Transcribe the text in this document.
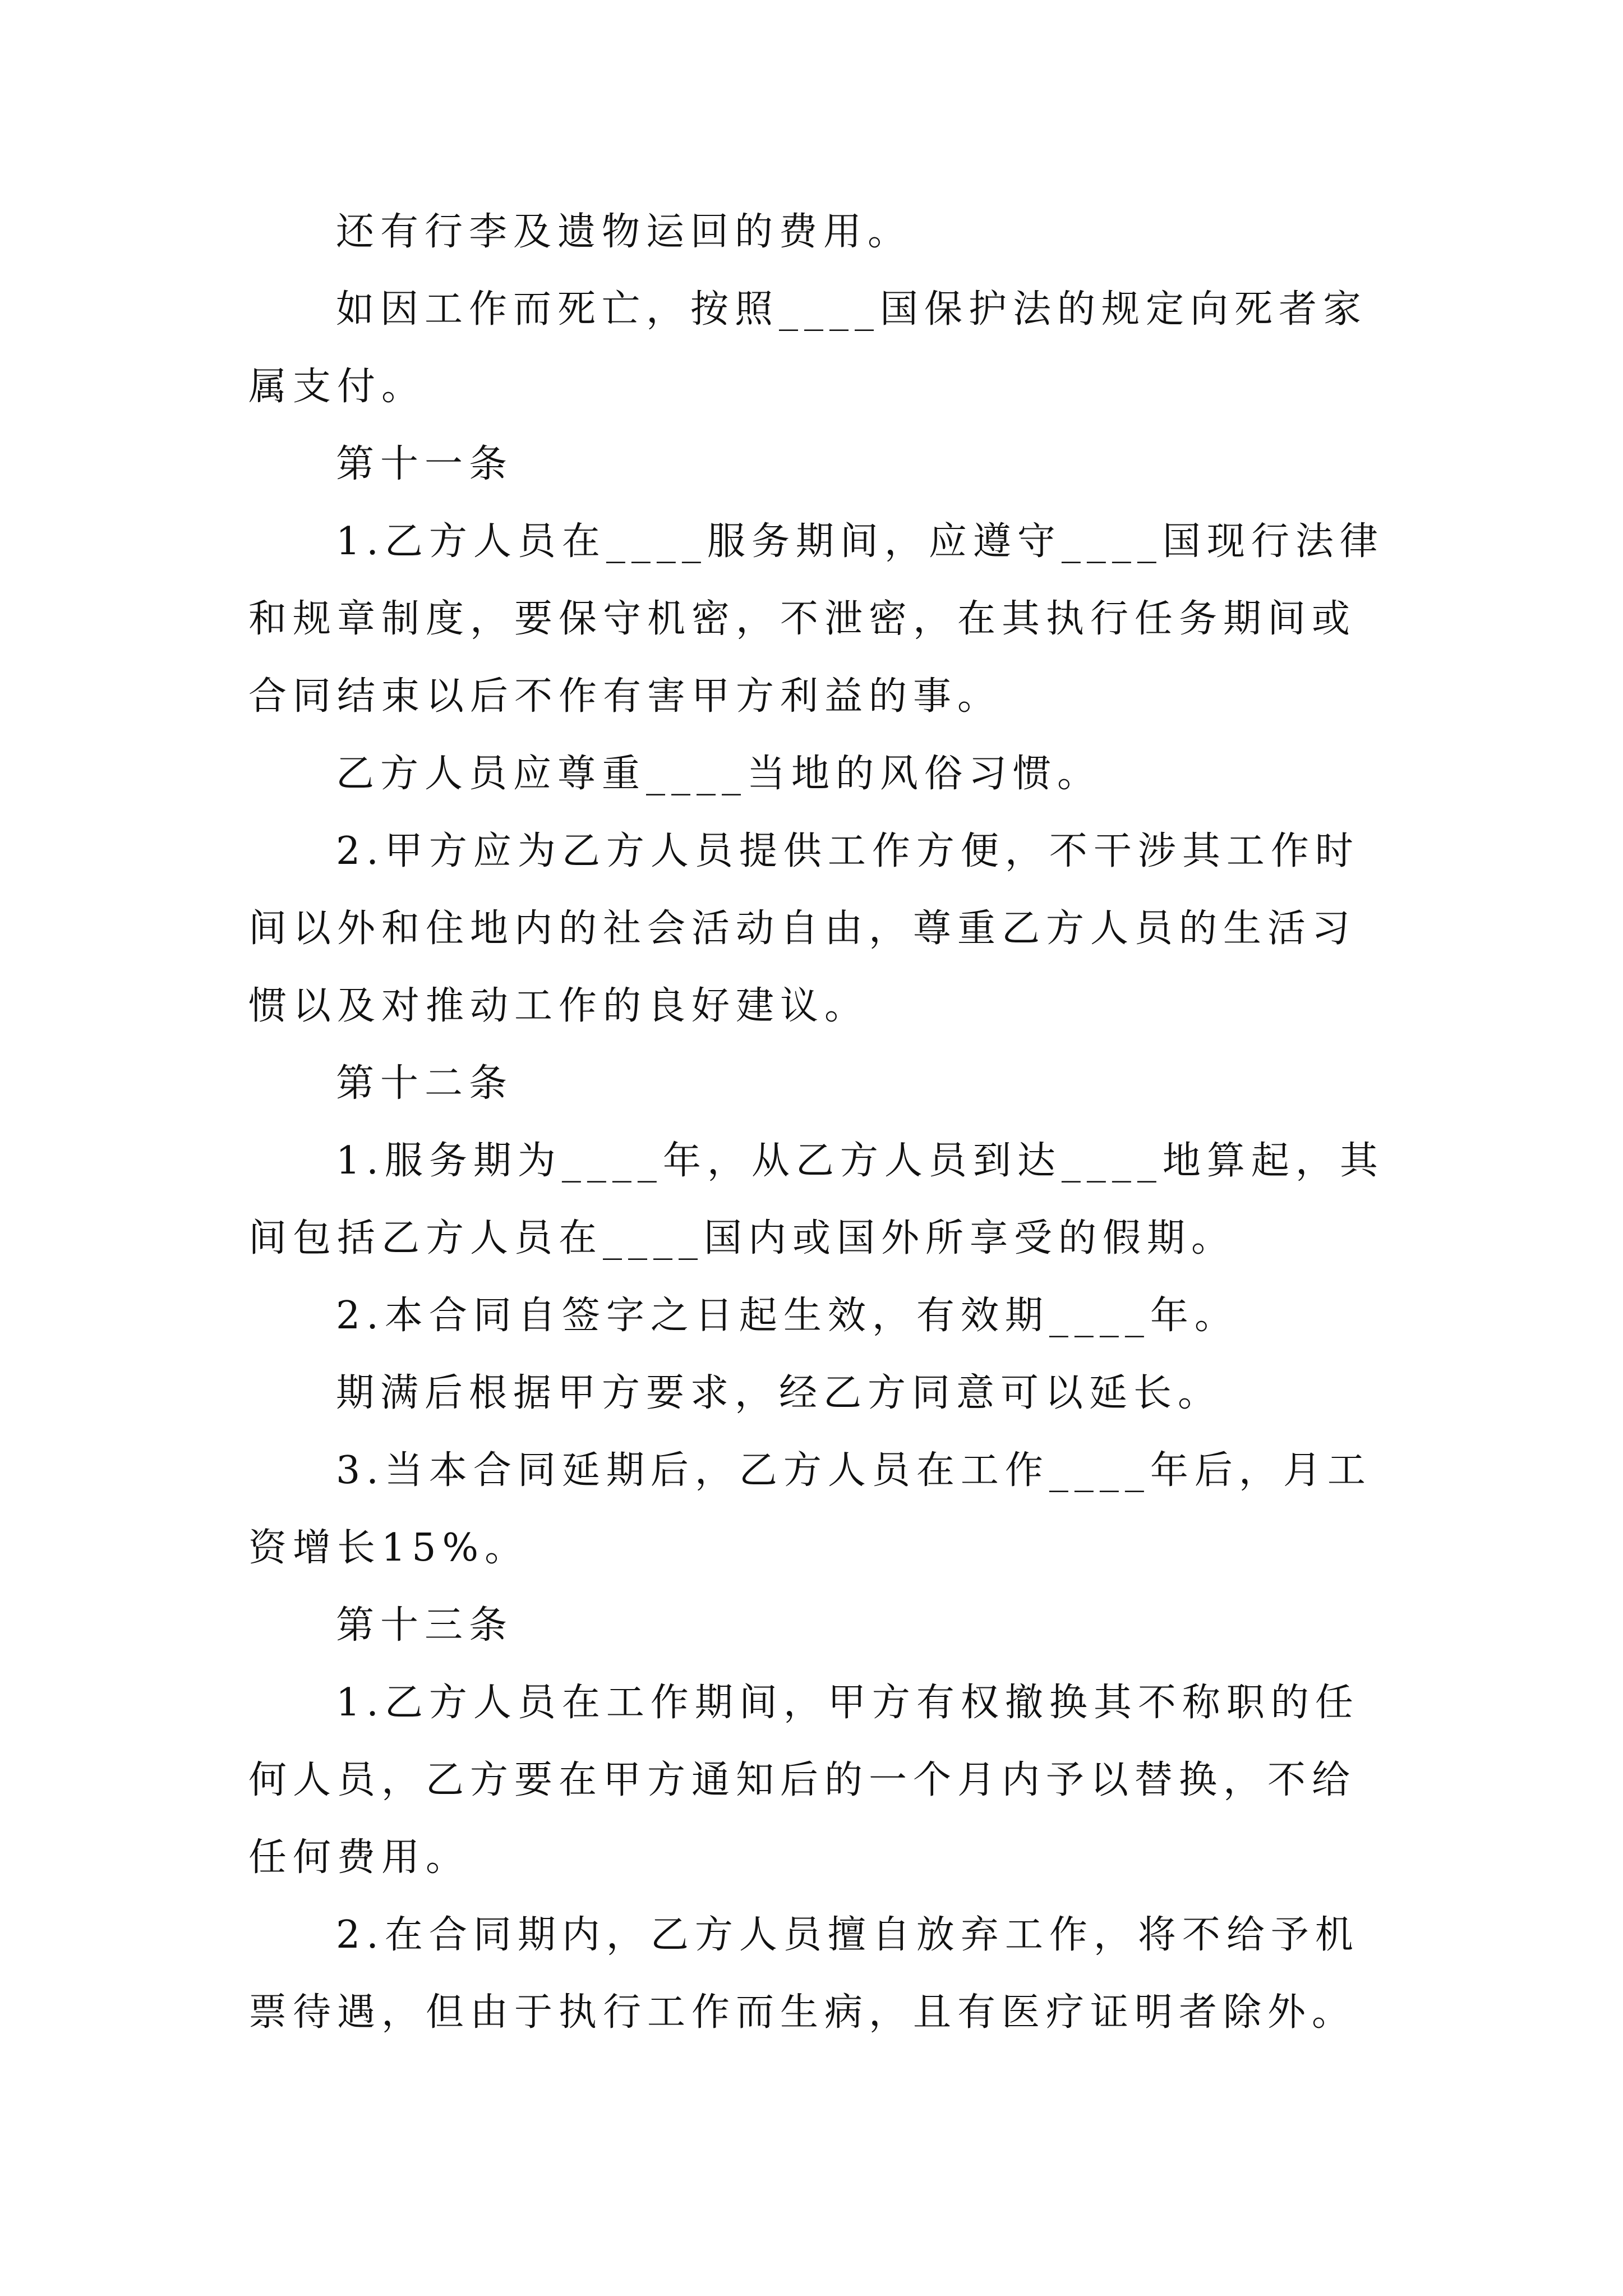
还有行李及遗物运回的费用。

如因工作而死亡，按照____国保护法的规定向死者家属支付。

第十一条

1.乙方人员在____服务期间，应遵守____国现行法律和规章制度，要保守机密，不泄密，在其执行任务期间或合同结束以后不作有害甲方利益的事。

乙方人员应尊重____当地的风俗习惯。

2.甲方应为乙方人员提供工作方便，不干涉其工作时间以外和住地内的社会活动自由，尊重乙方人员的生活习惯以及对推动工作的良好建议。

第十二条

1.服务期为____年，从乙方人员到达____地算起，其间包括乙方人员在____国内或国外所享受的假期。

2.本合同自签字之日起生效，有效期____年。

期满后根据甲方要求，经乙方同意可以延长。

3.当本合同延期后，乙方人员在工作____年后，月工资增长15%。

第十三条

1.乙方人员在工作期间，甲方有权撤换其不称职的任何人员，乙方要在甲方通知后的一个月内予以替换，不给任何费用。

2.在合同期内，乙方人员擅自放弃工作，将不给予机票待遇，但由于执行工作而生病，且有医疗证明者除外。
